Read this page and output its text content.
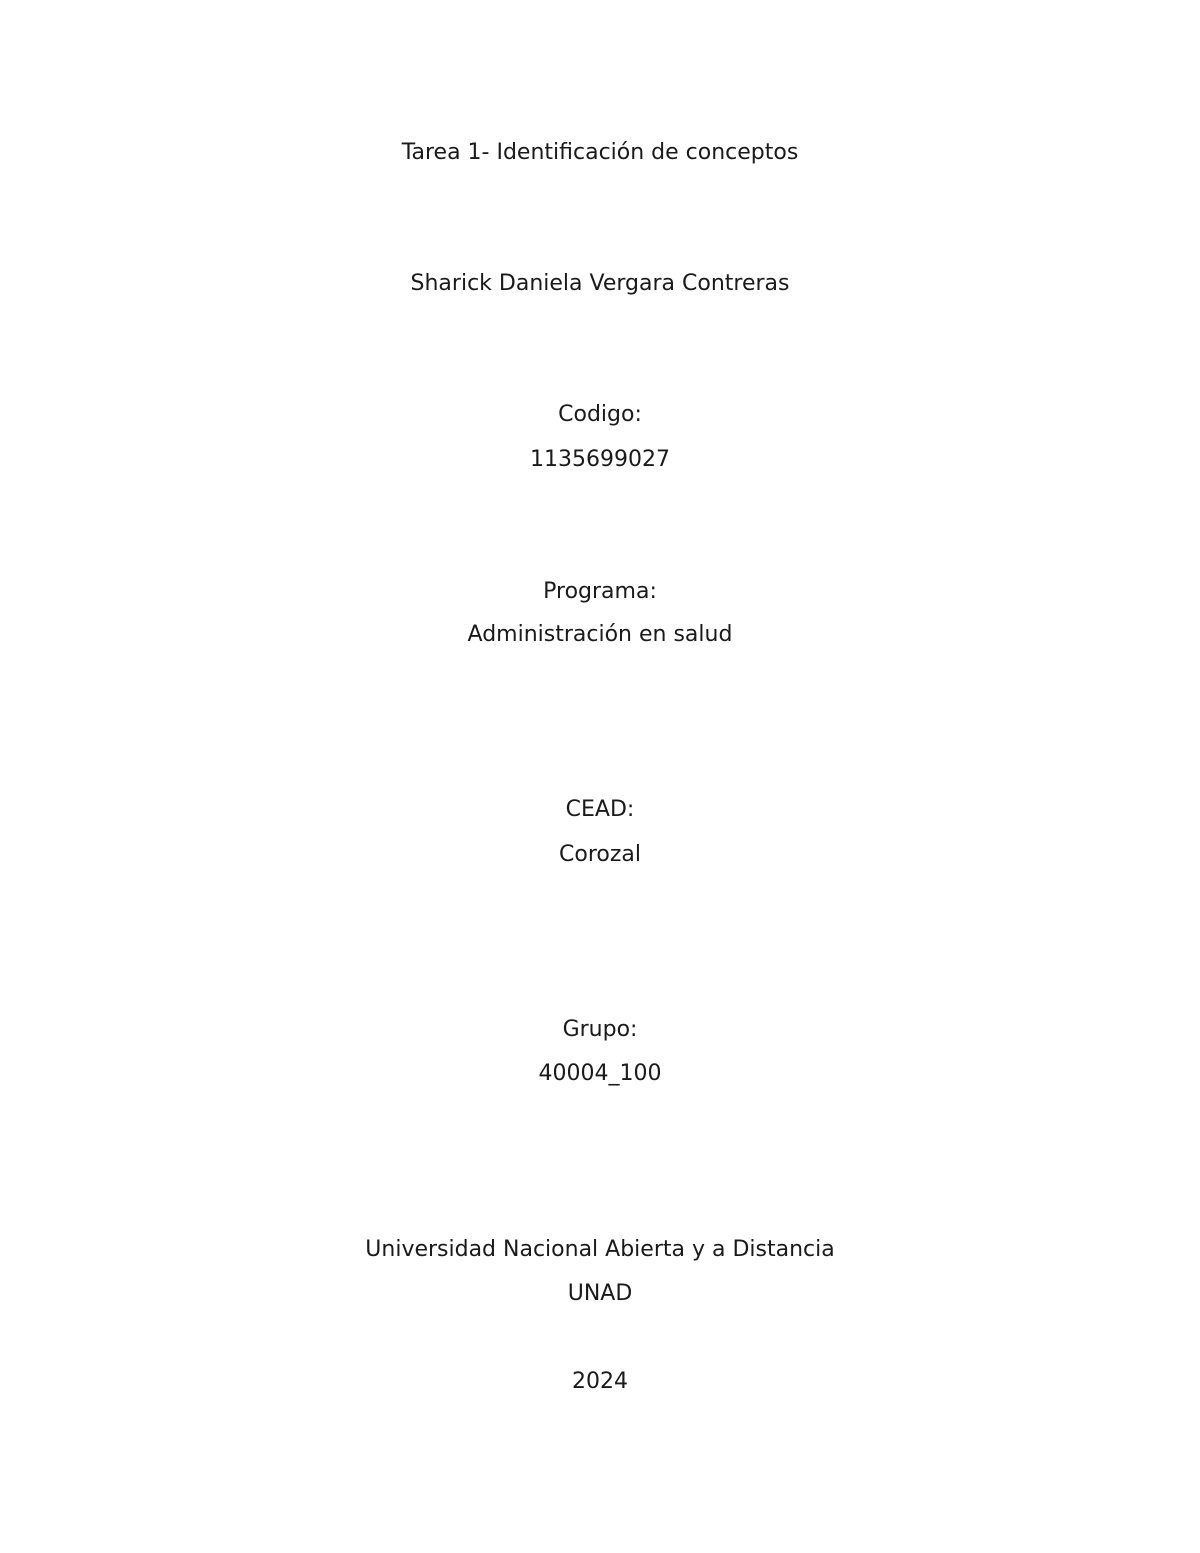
Tarea 1- Identificación de conceptos
Sharick Daniela Vergara Contreras
Codigo:
1135699027
Programa:
Administración en salud
CEAD:
Corozal
Grupo:
40004_100
Universidad Nacional Abierta y a Distancia
UNAD
2024
